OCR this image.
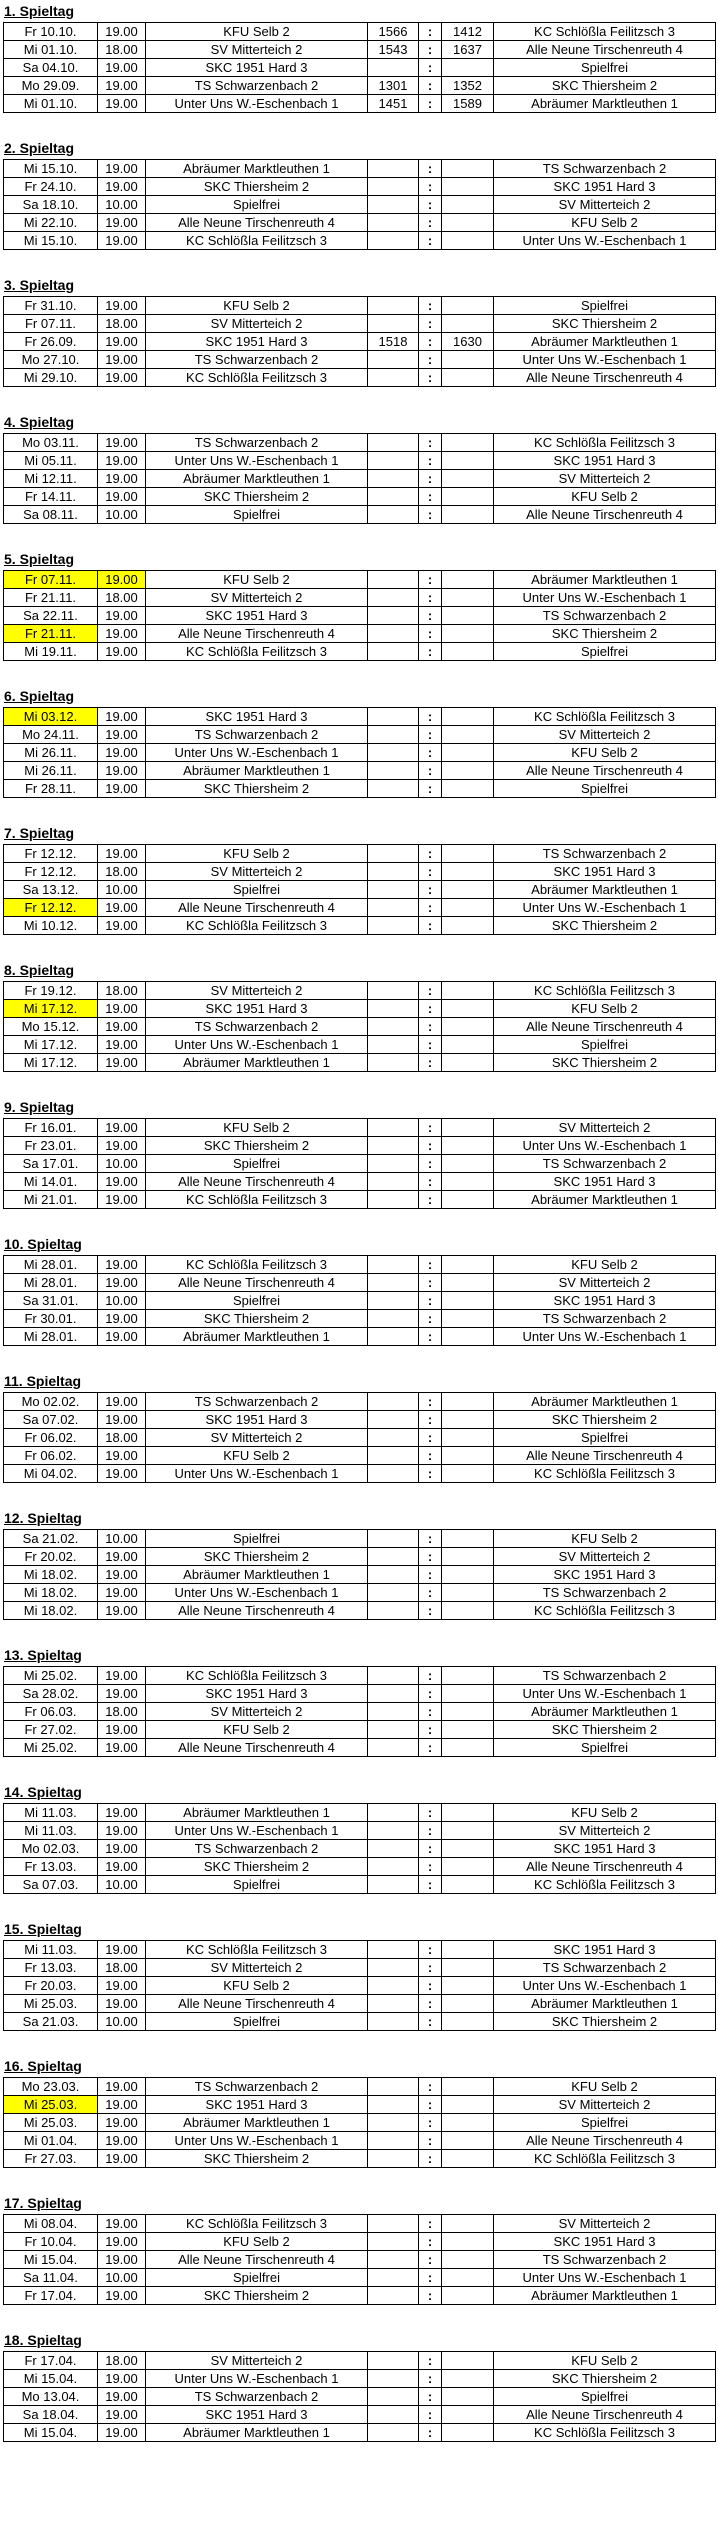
1. Spieltag
Fr 10.10.	19.00	KFU Selb 2	1566	:	1412	KC Schlößla Feilitzsch 3
Mi 01.10.	18.00	SV Mitterteich 2	1543	:	1637	Alle Neune Tirschenreuth 4
Sa 04.10.	19.00	SKC 1951 Hard 3		:		Spielfrei
Mo 29.09.	19.00	TS Schwarzenbach 2	1301	:	1352	SKC Thiersheim 2
Mi 01.10.	19.00	Unter Uns W.-Eschenbach 1	1451	:	1589	Abräumer Marktleuthen 1
2. Spieltag
Mi 15.10.	19.00	Abräumer Marktleuthen 1		:		TS Schwarzenbach 2
Fr 24.10.	19.00	SKC Thiersheim 2		:		SKC 1951 Hard 3
Sa 18.10.	10.00	Spielfrei		:		SV Mitterteich 2
Mi 22.10.	19.00	Alle Neune Tirschenreuth 4		:		KFU Selb 2
Mi 15.10.	19.00	KC Schlößla Feilitzsch 3		:		Unter Uns W.-Eschenbach 1
3. Spieltag
Fr 31.10.	19.00	KFU Selb 2		:		Spielfrei
Fr 07.11.	18.00	SV Mitterteich 2		:		SKC Thiersheim 2
Fr 26.09.	19.00	SKC 1951 Hard 3	1518	:	1630	Abräumer Marktleuthen 1
Mo 27.10.	19.00	TS Schwarzenbach 2		:		Unter Uns W.-Eschenbach 1
Mi 29.10.	19.00	KC Schlößla Feilitzsch 3		:		Alle Neune Tirschenreuth 4
4. Spieltag
Mo 03.11.	19.00	TS Schwarzenbach 2		:		KC Schlößla Feilitzsch 3
Mi 05.11.	19.00	Unter Uns W.-Eschenbach 1		:		SKC 1951 Hard 3
Mi 12.11.	19.00	Abräumer Marktleuthen 1		:		SV Mitterteich 2
Fr 14.11.	19.00	SKC Thiersheim 2		:		KFU Selb 2
Sa 08.11.	10.00	Spielfrei		:		Alle Neune Tirschenreuth 4
5. Spieltag
Fr 07.11.	19.00	KFU Selb 2		:		Abräumer Marktleuthen 1
Fr 21.11.	18.00	SV Mitterteich 2		:		Unter Uns W.-Eschenbach 1
Sa 22.11.	19.00	SKC 1951 Hard 3		:		TS Schwarzenbach 2
Fr 21.11.	19.00	Alle Neune Tirschenreuth 4		:		SKC Thiersheim 2
Mi 19.11.	19.00	KC Schlößla Feilitzsch 3		:		Spielfrei
6. Spieltag
Mi 03.12.	19.00	SKC 1951 Hard 3		:		KC Schlößla Feilitzsch 3
Mo 24.11.	19.00	TS Schwarzenbach 2		:		SV Mitterteich 2
Mi 26.11.	19.00	Unter Uns W.-Eschenbach 1		:		KFU Selb 2
Mi 26.11.	19.00	Abräumer Marktleuthen 1		:		Alle Neune Tirschenreuth 4
Fr 28.11.	19.00	SKC Thiersheim 2		:		Spielfrei
7. Spieltag
Fr 12.12.	19.00	KFU Selb 2		:		TS Schwarzenbach 2
Fr 12.12.	18.00	SV Mitterteich 2		:		SKC 1951 Hard 3
Sa 13.12.	10.00	Spielfrei		:		Abräumer Marktleuthen 1
Fr 12.12.	19.00	Alle Neune Tirschenreuth 4		:		Unter Uns W.-Eschenbach 1
Mi 10.12.	19.00	KC Schlößla Feilitzsch 3		:		SKC Thiersheim 2
8. Spieltag
Fr 19.12.	18.00	SV Mitterteich 2		:		KC Schlößla Feilitzsch 3
Mi 17.12.	19.00	SKC 1951 Hard 3		:		KFU Selb 2
Mo 15.12.	19.00	TS Schwarzenbach 2		:		Alle Neune Tirschenreuth 4
Mi 17.12.	19.00	Unter Uns W.-Eschenbach 1		:		Spielfrei
Mi 17.12.	19.00	Abräumer Marktleuthen 1		:		SKC Thiersheim 2
9. Spieltag
Fr 16.01.	19.00	KFU Selb 2		:		SV Mitterteich 2
Fr 23.01.	19.00	SKC Thiersheim 2		:		Unter Uns W.-Eschenbach 1
Sa 17.01.	10.00	Spielfrei		:		TS Schwarzenbach 2
Mi 14.01.	19.00	Alle Neune Tirschenreuth 4		:		SKC 1951 Hard 3
Mi 21.01.	19.00	KC Schlößla Feilitzsch 3		:		Abräumer Marktleuthen 1
10. Spieltag
Mi 28.01.	19.00	KC Schlößla Feilitzsch 3		:		KFU Selb 2
Mi 28.01.	19.00	Alle Neune Tirschenreuth 4		:		SV Mitterteich 2
Sa 31.01.	10.00	Spielfrei		:		SKC 1951 Hard 3
Fr 30.01.	19.00	SKC Thiersheim 2		:		TS Schwarzenbach 2
Mi 28.01.	19.00	Abräumer Marktleuthen 1		:		Unter Uns W.-Eschenbach 1
11. Spieltag
Mo 02.02.	19.00	TS Schwarzenbach 2		:		Abräumer Marktleuthen 1
Sa 07.02.	19.00	SKC 1951 Hard 3		:		SKC Thiersheim 2
Fr 06.02.	18.00	SV Mitterteich 2		:		Spielfrei
Fr 06.02.	19.00	KFU Selb 2		:		Alle Neune Tirschenreuth 4
Mi 04.02.	19.00	Unter Uns W.-Eschenbach 1		:		KC Schlößla Feilitzsch 3
12. Spieltag
Sa 21.02.	10.00	Spielfrei		:		KFU Selb 2
Fr 20.02.	19.00	SKC Thiersheim 2		:		SV Mitterteich 2
Mi 18.02.	19.00	Abräumer Marktleuthen 1		:		SKC 1951 Hard 3
Mi 18.02.	19.00	Unter Uns W.-Eschenbach 1		:		TS Schwarzenbach 2
Mi 18.02.	19.00	Alle Neune Tirschenreuth 4		:		KC Schlößla Feilitzsch 3
13. Spieltag
Mi 25.02.	19.00	KC Schlößla Feilitzsch 3		:		TS Schwarzenbach 2
Sa 28.02.	19.00	SKC 1951 Hard 3		:		Unter Uns W.-Eschenbach 1
Fr 06.03.	18.00	SV Mitterteich 2		:		Abräumer Marktleuthen 1
Fr 27.02.	19.00	KFU Selb 2		:		SKC Thiersheim 2
Mi 25.02.	19.00	Alle Neune Tirschenreuth 4		:		Spielfrei
14. Spieltag
Mi 11.03.	19.00	Abräumer Marktleuthen 1		:		KFU Selb 2
Mi 11.03.	19.00	Unter Uns W.-Eschenbach 1		:		SV Mitterteich 2
Mo 02.03.	19.00	TS Schwarzenbach 2		:		SKC 1951 Hard 3
Fr 13.03.	19.00	SKC Thiersheim 2		:		Alle Neune Tirschenreuth 4
Sa 07.03.	10.00	Spielfrei		:		KC Schlößla Feilitzsch 3
15. Spieltag
Mi 11.03.	19.00	KC Schlößla Feilitzsch 3		:		SKC 1951 Hard 3
Fr 13.03.	18.00	SV Mitterteich 2		:		TS Schwarzenbach 2
Fr 20.03.	19.00	KFU Selb 2		:		Unter Uns W.-Eschenbach 1
Mi 25.03.	19.00	Alle Neune Tirschenreuth 4		:		Abräumer Marktleuthen 1
Sa 21.03.	10.00	Spielfrei		:		SKC Thiersheim 2
16. Spieltag
Mo 23.03.	19.00	TS Schwarzenbach 2		:		KFU Selb 2
Mi 25.03.	19.00	SKC 1951 Hard 3		:		SV Mitterteich 2
Mi 25.03.	19.00	Abräumer Marktleuthen 1		:		Spielfrei
Mi 01.04.	19.00	Unter Uns W.-Eschenbach 1		:		Alle Neune Tirschenreuth 4
Fr 27.03.	19.00	SKC Thiersheim 2		:		KC Schlößla Feilitzsch 3
17. Spieltag
Mi 08.04.	19.00	KC Schlößla Feilitzsch 3		:		SV Mitterteich 2
Fr 10.04.	19.00	KFU Selb 2		:		SKC 1951 Hard 3
Mi 15.04.	19.00	Alle Neune Tirschenreuth 4		:		TS Schwarzenbach 2
Sa 11.04.	10.00	Spielfrei		:		Unter Uns W.-Eschenbach 1
Fr 17.04.	19.00	SKC Thiersheim 2		:		Abräumer Marktleuthen 1
18. Spieltag
Fr 17.04.	18.00	SV Mitterteich 2		:		KFU Selb 2
Mi 15.04.	19.00	Unter Uns W.-Eschenbach 1		:		SKC Thiersheim 2
Mo 13.04.	19.00	TS Schwarzenbach 2		:		Spielfrei
Sa 18.04.	19.00	SKC 1951 Hard 3		:		Alle Neune Tirschenreuth 4
Mi 15.04.	19.00	Abräumer Marktleuthen 1		:		KC Schlößla Feilitzsch 3
